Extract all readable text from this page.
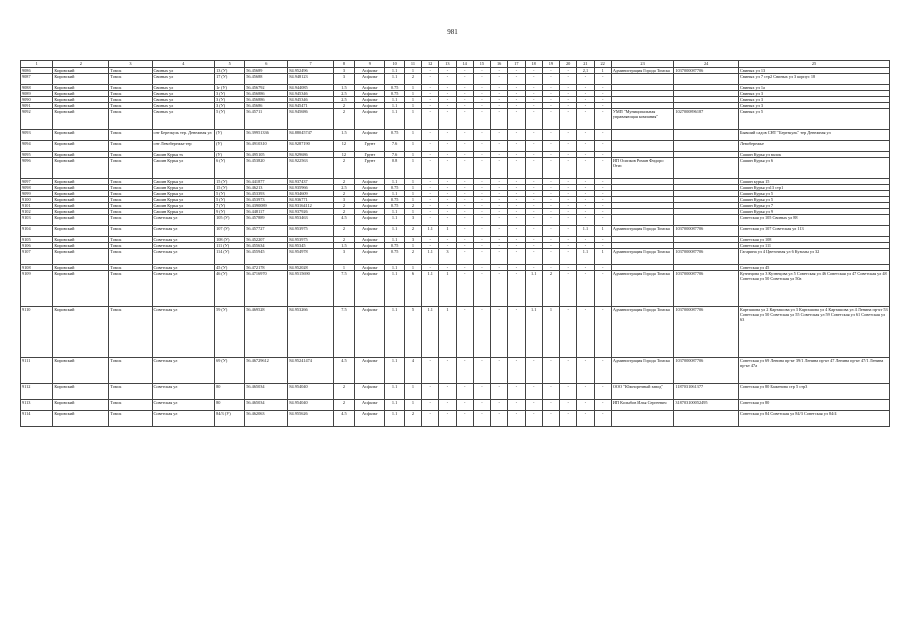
981
1	2	3	4	5	6	7	8	9	10	11	12	13	14	15	16	17	18	19	20	21	22	23	24	25
9086	Кировский	Томск	Свиных ул	13 (У)	56.45689	84.952496	3	Асфальт	1.1	1	-	-	-	-	-	-	-	-	-	2,1	1	Администрация Города Томска	1037000087706	Свиных ул 13
9087	Кировский	Томск	Свиных ул	17 (У)	56.45688	84.948123	3	Асфальт	1.1	2	-	-	-	-	-	-	-	-	-	-	-			Свиных ул 7 стр2 Свиных ул 3 корпус 18
9088	Кировский	Томск	Свиных ул	1г (У)	56.456792	84.944085	1.5	Асфальт	0.75	1	-	-	-	-	-	-	-	-	-	-	-			Свиных ул 1а
9089	Кировский	Томск	Свиных ул	3 (У)	56.456886	84.945346	2.5	Асфальт	0.75	1	-	-	-	-	-	-	-	-	-	-	-			Свиных ул 3
9090	Кировский	Томск	Свиных ул	3 (У)	56.456886	84.945346	2.5	Асфальт	1.1	1	-	-	-	-	-	-	-	-	-	-	-			Свиных ул 3
9091	Кировский	Томск	Свиных ул	3 (У)	56.45686	84.945471	2	Асфальт	1.1	1	-	-	-	-	-	-	-	-	-	-	-			Свиных ул 3
9092	Кировский	Томск	Свиных ул	5 (У)	56.45711	84.945686	2	Асфальт	1.1	1	-	-	-	-	-	-	-	-	-	-	-	УМП "Муниципальная управляющая компания"	1027000896187	Свиных ул 5
9093	Кировский	Томск	снт Березкуль тер. Денежная ул	(У)	56.39951336	84.88045747	1.5	Асфальт	0.75	1	-	-	-	-	-	-	-	-	-	-	-			Бывший садов СНТ "Березкуль" тер Денежная ул
9094	Кировский	Томск	снт Левобережье тер	(У)	56.4910310	84.9287190	12	Грунт	7.6	1	-	-	-	-	-	-	-	-	-	-	-			Левобережье
9095	Кировский	Томск	Сашин Курья тх	(У)	56.495105	84.929686	12	Грунт	7.6	1	-	-	-	-	-	-	-	-	-	-	-			Сашин Курья ул валок
9096	Кировский	Томск	Сашин Курья ул	6 (У)	56.453820	84.922563	2	Грунт	0.8	1	-	-	-	-	-	-	-	-	-	-	-	ИП Осипков Роман Фидоро Отис		Сашин Курья ул 6
9097	Кировский	Томск	Сашин Курья ул	15 (У)	56.441877	84.937437	2	Асфальт	1.1	1	-	-	-	-	-	-	-	-	-	-	-			Сашин курья 15
9098	Кировский	Томск	Сашин Курья ул	15 (У)	56.46213	84.935966	2.5	Асфальт	0.75	1	-	-	-	-	-	-	-	-	-	-	-			Сашин Курья ул13 стр1
9099	Кировский	Томск	Сашин Курья ул	5 (У)	56.453393	84.934609	2	Асфальт	1.1	1	-	-	-	-	-	-	-	-	-	-	-			Сашин Курья ул 5
9100	Кировский	Томск	Сашин Курья ул	5 (У)	56.453973	84.936771	3	Асфальт	0.75	1	-	-	-	-	-	-	-	-	-	-	-			Сашин Курья ул 5
9101	Кировский	Томск	Сашин Курья ул	7 (У)	56.4390089	84.93164112	2	Асфальт	0.75	2	-	-	-	-	-	-	-	-	-	-	-			Сашин Курья ул 7
9102	Кировский	Томск	Сашин Курья ул	9 (У)	56.448117	84.937926	2	Асфальт	1.1	1	-	-	-	-	-	-	-	-	-	-	-			Сашин Курья ул 9
9103	Кировский	Томск	Советская ул	105 (У)	56.457889	84.953463	4.5	Асфальт	1.1	3	-	-	-	-	-	-	-	-	-	-	-			Советская ул 105 Свиных ул 88
9104	Кировский	Томск	Советская ул	107 (У)	56.457727	84.953975	2	Асфальт	1.1	2	1.1	1	-	-	-	-	-	-	-	1.1	1	Администрация Города Томска	1037000087706	Советская ул 107 Советская ул 113
9105	Кировский	Томск	Советская ул	108 (У)	56.452207	84.953975	2	Асфальт	1.1	3	-	-	-	-	-	-	-	-	-	-	-			Советская ул 108
9106	Кировский	Томск	Советская ул	111 (У)	56.455634	84.95345	1.5	Асфальт	0.75	1	-	-	-	-	-	-	-	-	-	-	-			Советская ул 111
9107	Кировский	Томск	Советская ул	114 (У)	56.455945	84.954978	3	Асфальт	0.75	2	1.1	3	-	-	-	-	-	-	-	1.1	1	Администрация Города Томска	1037000087706	Гагарина ул 4 Цветочная ул 6 Кузьмы ул 32
9108	Кировский	Томск	Советская ул	45 (У)	56.472178	84.952028	1	Асфальт	1.1	1	-	-	-	-	-	-	-	-	-	-	-			Советская ул 45
9109	Кировский	Томск	Советская ул	46 (У)	56.4716970	84.9515690	7.5	Асфальт	1.1	6	1.1	1	-	-	-	-	1.1	2	-	-	-	Администрация Города Томска	1037000087706	Кузнецова ул 3 Кузнецова ул 5 Советская ул 46 Советская ул 47 Советская ул 48 Советская ул 50 Советская ул 50а
9110	Кировский	Томск	Советская ул	59 (У)	56.469528	84.953266	7.5	Асфальт	1.1	5	1.1	1	-	-	-	-	1.1	1	-	-	-	Администрация Города Томска	1037000087706	Карташова ул 2 Карташова ул 3 Карташова ул 4 Карташова ул 4 Ленина пр-кт 53 Советская ул 50 Советская ул 55 Советская ул 59 Советская ул 61 Советская ул 63
9111	Кировский	Томск	Советская ул	69 (У)	56.46729612	84.95241474	4.5	Асфальт	1.1	4	-	-	-	-	-	-	-	-	-	-	-	Администрация Города Томска	1037000087706	Советская ул 69 Ленина пр-кт 39/1 Ленина пр-кт 47 Ленина пр-кт 47/1 Ленина пр-кт 47а
9112	Кировский	Томск	Советская ул	80	56.465034	84.954040	2	Асфальт	1.1	1	-	-	-	-	-	-	-	-	-	-	-	ООО "Южноречный завод"	1187031061377	Советская ул 80 Баженова стр 5 стр3
9113	Кировский	Томск	Советская ул	80	56.465034	84.954040	2	Асфальт	1.1	1	-	-	-	-	-	-	-	-	-	-	-	ИП Колыбов Илья Сергеевич	318703100052495	Советская ул 80
9114	Кировский	Томск	Советская ул	84/3 (У)	56.462063	84.955626	4.5	Асфальт	1.1	2	-	-	-	-	-	-	-	-	-	-	-			Советская ул 84 Советская ул 84/3 Советская ул 84/4
